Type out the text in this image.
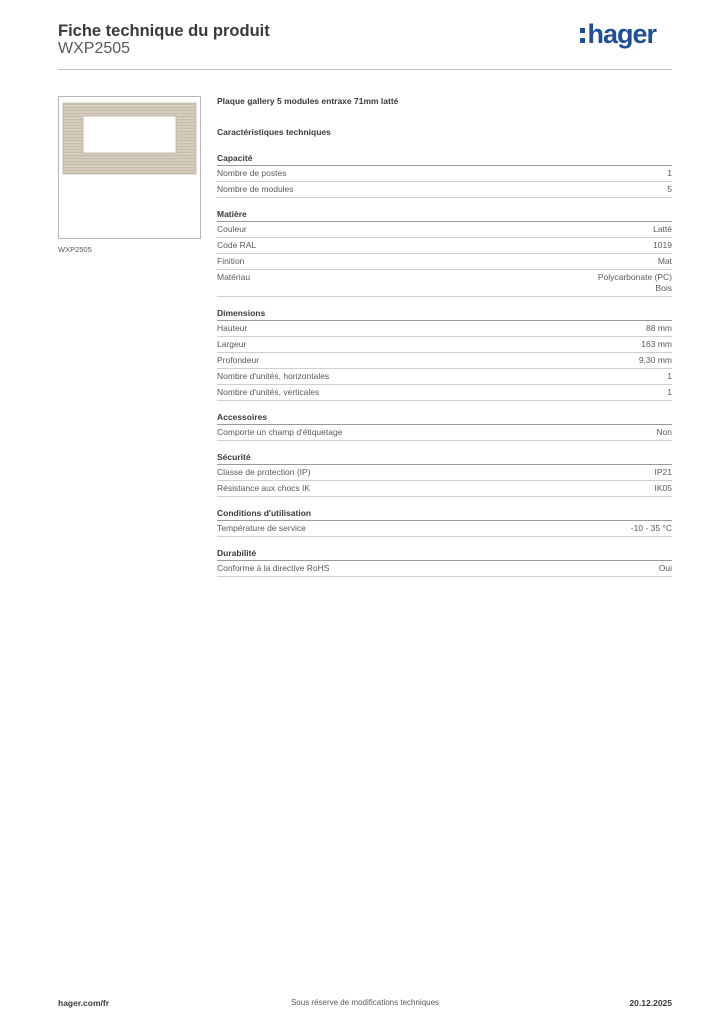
Fiche technique du produit
WXP2505	hager
WXP2505
Plaque gallery 5 modules entraxe 71mm latté
Caractéristiques techniques
Capacité
Nombre de postes	1
Nombre de modules	5
Matière
Couleur	Latté
Code RAL	1019
Finition	Mat
Matériau	Polycarbonate (PC)
Bois
Dimensions
Hauteur	88 mm
Largeur	163 mm
Profondeur	9,30 mm
Nombre d'unités, horizontales	1
Nombre d'unités, verticales	1
Accessoires
Comporte un champ d'étiquetage	Non
Sécurité
Classe de protection (IP)	IP21
Résistance aux chocs IK	IK05
Conditions d'utilisation
Température de service	-10 - 35 °C
Durabilité
Conforme à la directive RoHS	Oui
hager.com/fr	Sous réserve de modifications techniques	20.12.2025
